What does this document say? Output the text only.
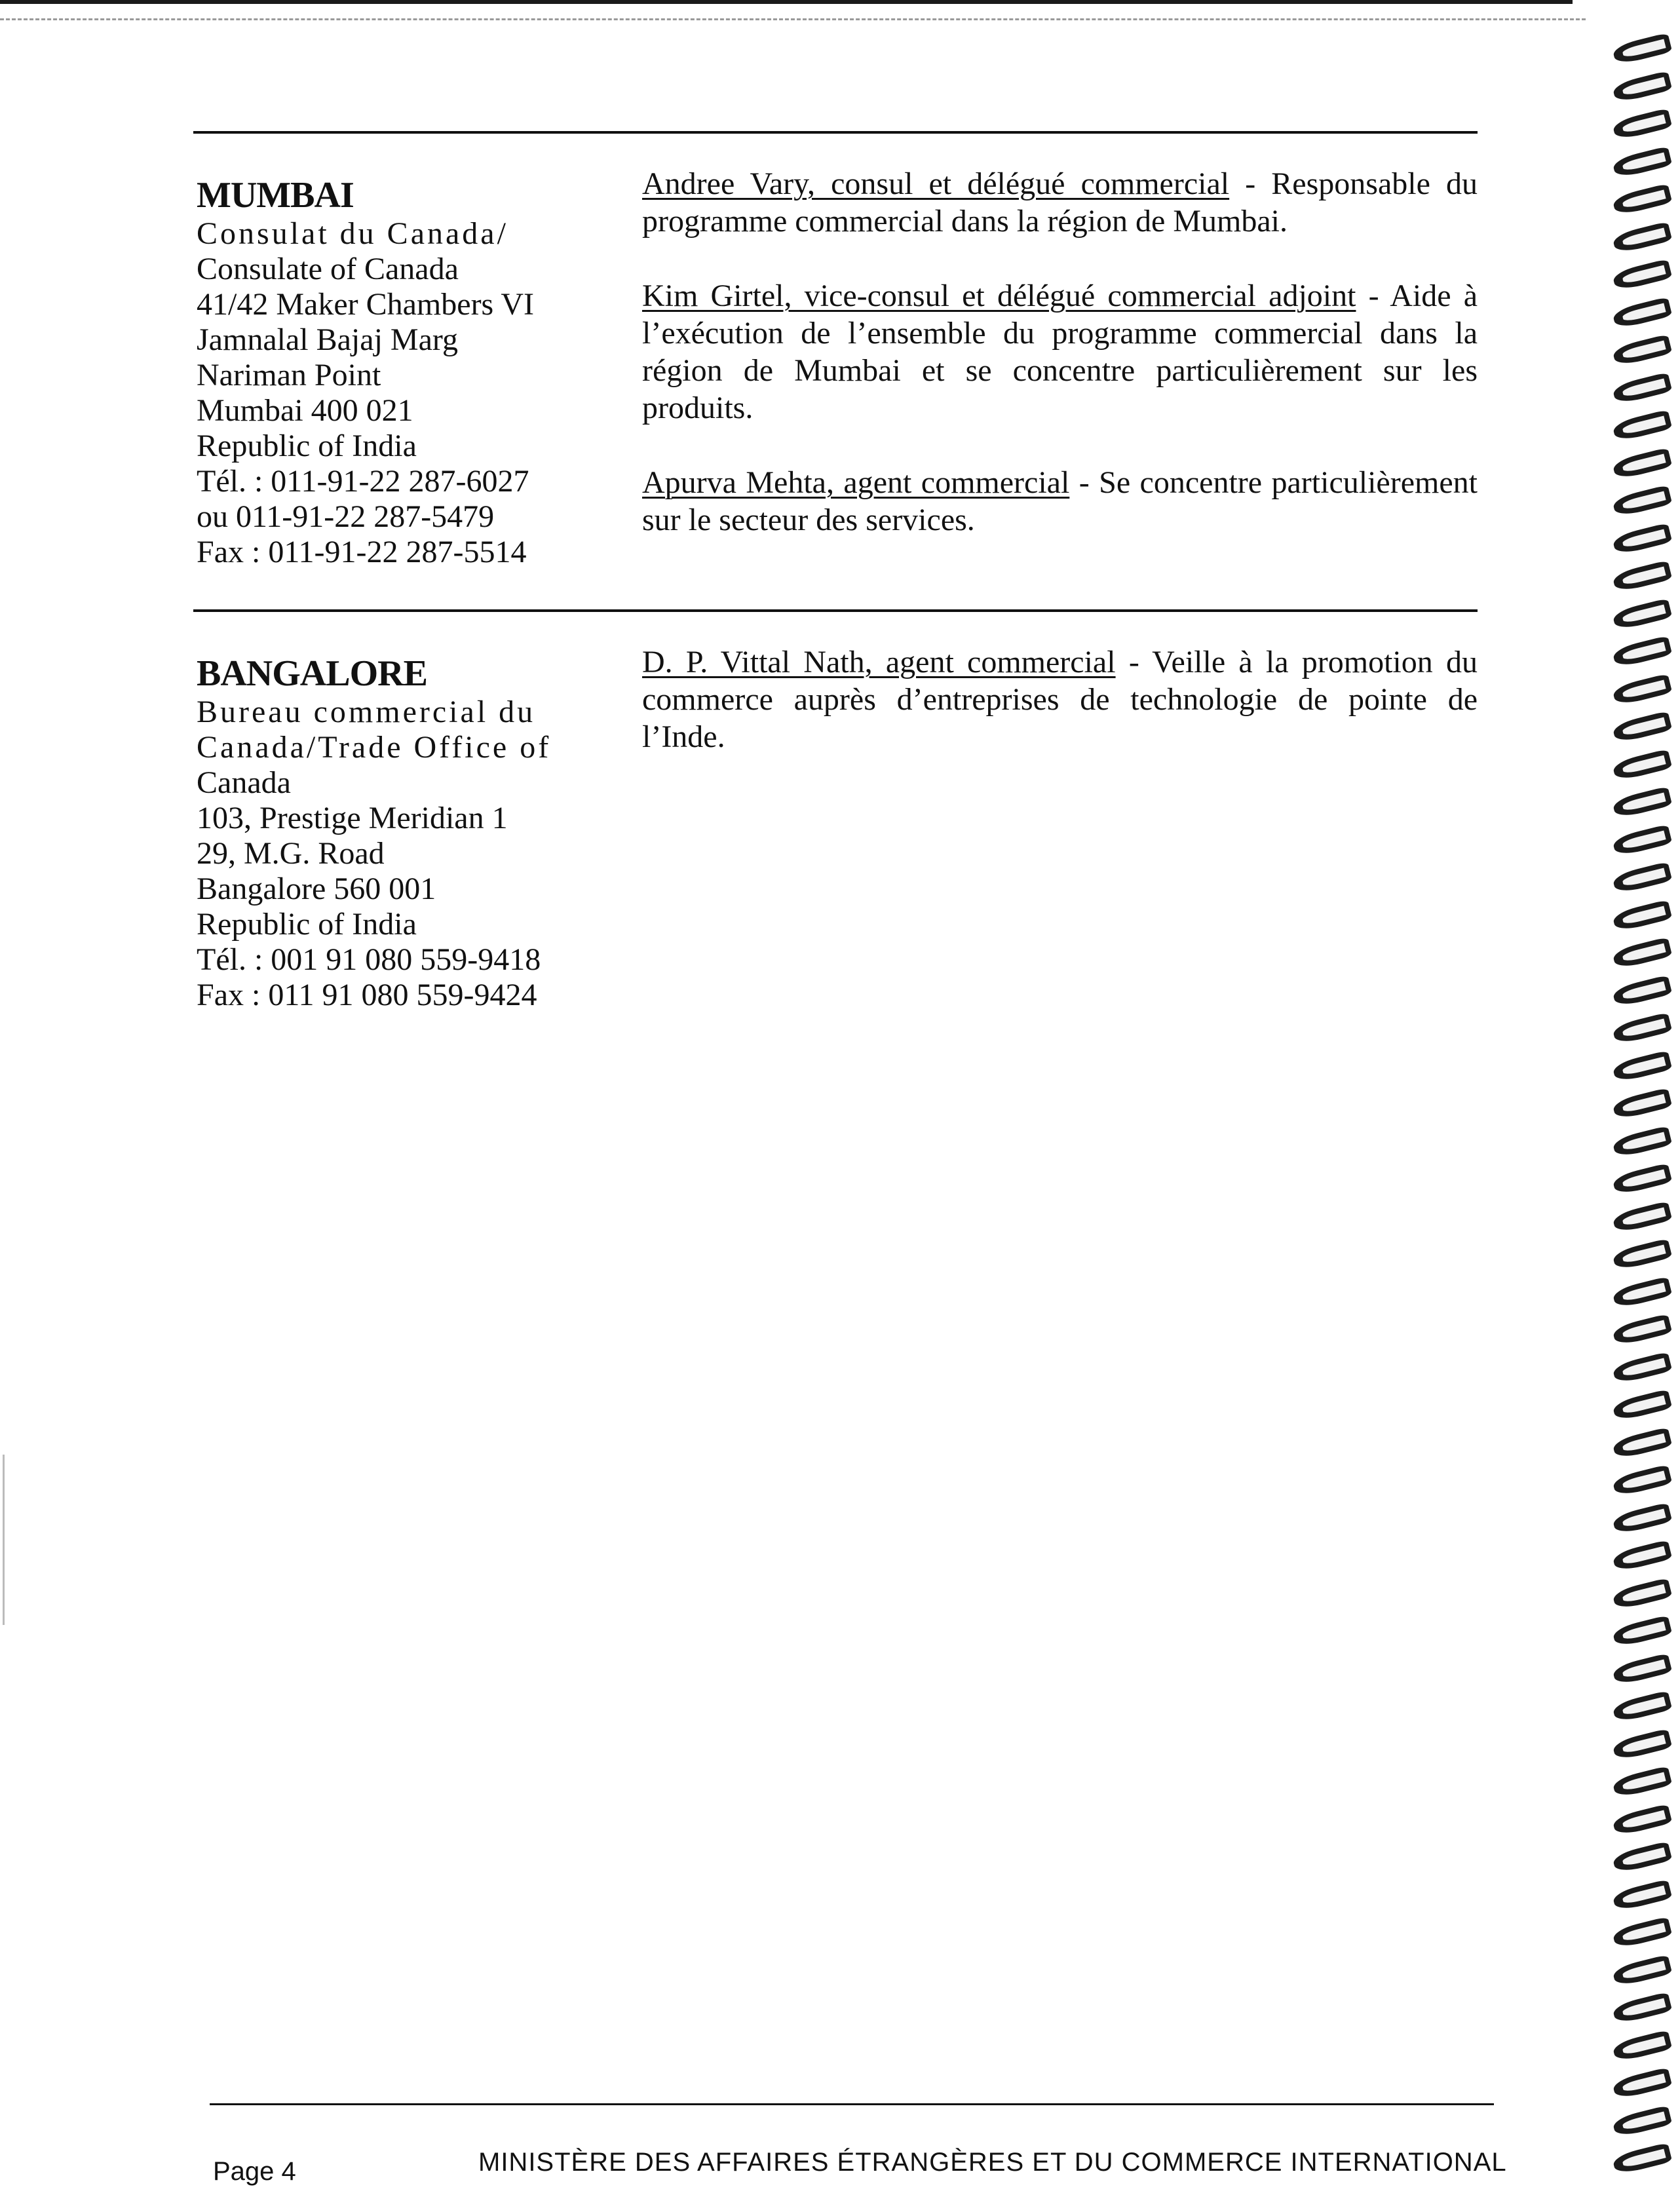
MUMBAI
Consulat du Canada/
Consulate of Canada
41/42 Maker Chambers VI
Jamnalal Bajaj Marg
Nariman Point
Mumbai 400 021
Republic of India
Tél. : 011-91-22 287-6027
ou 011-91-22 287-5479
Fax : 011-91-22 287-5514

Andree Vary, consul et délégué commercial - Responsable du programme commercial dans la région de Mumbai.

Kim Girtel, vice-consul et délégué commercial adjoint - Aide à l’exécution de l’ensemble du programme commercial dans la région de Mumbai et se concentre particulièrement sur les produits.

Apurva Mehta, agent commercial - Se concentre particulièrement sur le secteur des services.

BANGALORE
Bureau commercial du
Canada/Trade Office of
Canada
103, Prestige Meridian 1
29, M.G. Road
Bangalore 560 001
Republic of India
Tél. : 001 91 080 559-9418
Fax : 011 91 080 559-9424

D. P. Vittal Nath, agent commercial - Veille à la promotion du commerce auprès d’entreprises de technologie de pointe de l’Inde.

Page 4	MINISTÈRE DES AFFAIRES ÉTRANGÈRES ET DU COMMERCE INTERNATIONAL
